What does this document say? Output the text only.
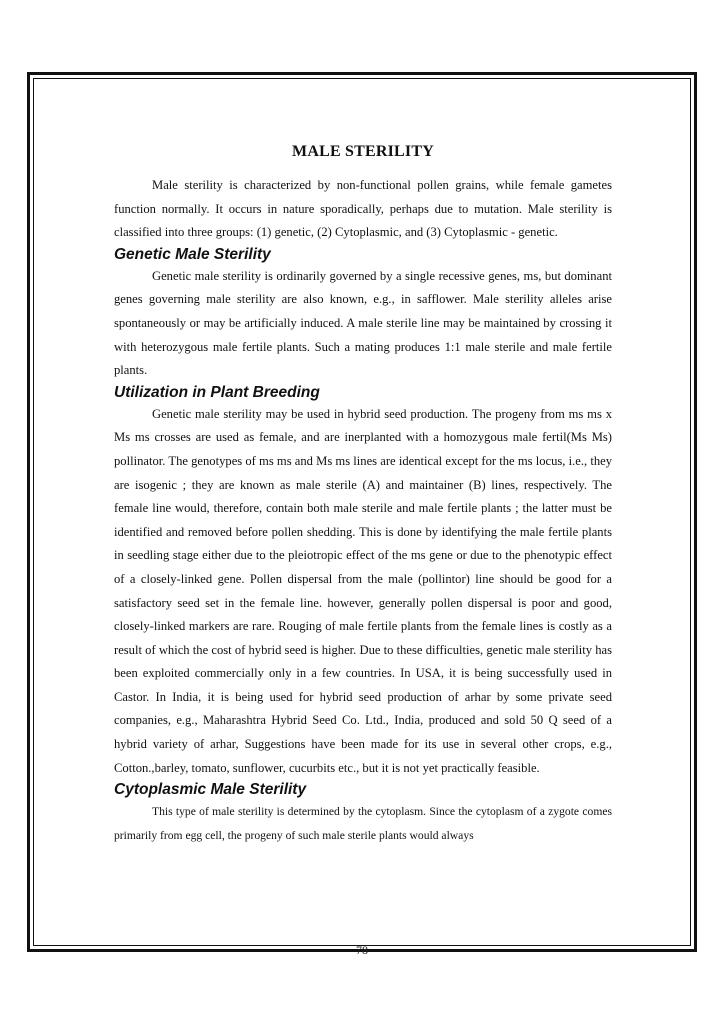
MALE STERILITY

Male sterility is characterized by non-functional pollen grains, while female gametes function normally. It occurs in nature sporadically, perhaps due to mutation. Male sterility is classified into three groups: (1) genetic, (2) Cytoplasmic, and (3) Cytoplasmic - genetic.

Genetic Male Sterility

Genetic male sterility is ordinarily governed by a single recessive genes, ms, but dominant genes governing male sterility are also known, e.g., in safflower. Male sterility alleles arise spontaneously or may be artificially induced. A male sterile line may be maintained by crossing it with heterozygous male fertile plants. Such a mating produces 1:1 male sterile and male fertile plants.

Utilization in Plant Breeding

Genetic male sterility may be used in hybrid seed production. The progeny from ms ms x Ms ms crosses are used as female, and are inerplanted with a homozygous male fertil(Ms Ms) pollinator. The genotypes of ms ms and Ms ms lines are identical except for the ms locus, i.e., they are isogenic ; they are known as male sterile (A) and maintainer (B) lines, respectively. The female line would, therefore, contain both male sterile and male fertile plants ; the latter must be identified and removed before pollen shedding. This is done by identifying the male fertile plants in seedling stage either due to the pleiotropic effect of the ms gene or due to the phenotypic effect of a closely-linked gene. Pollen dispersal from the male (pollintor) line should be good for a satisfactory seed set in the female line. however, generally pollen dispersal is poor and good, closely-linked markers are rare. Rouging of male fertile plants from the female lines is costly as a result of which the cost of hybrid seed is higher. Due to these difficulties, genetic male sterility has been exploited commercially only in a few countries. In USA, it is being successfully used in Castor. In India, it is being used for hybrid seed production of arhar by some private seed companies, e.g., Maharashtra Hybrid Seed Co. Ltd., India, produced and sold 50 Q seed of a hybrid variety of arhar, Suggestions have been made for its use in several other crops, e.g., Cotton.,barley, tomato, sunflower, cucurbits etc., but it is not yet practically feasible.

Cytoplasmic Male Sterility

This type of male sterility is determined by the cytoplasm. Since the cytoplasm of a zygote comes primarily from egg cell, the progeny of such male sterile plants would always

78
